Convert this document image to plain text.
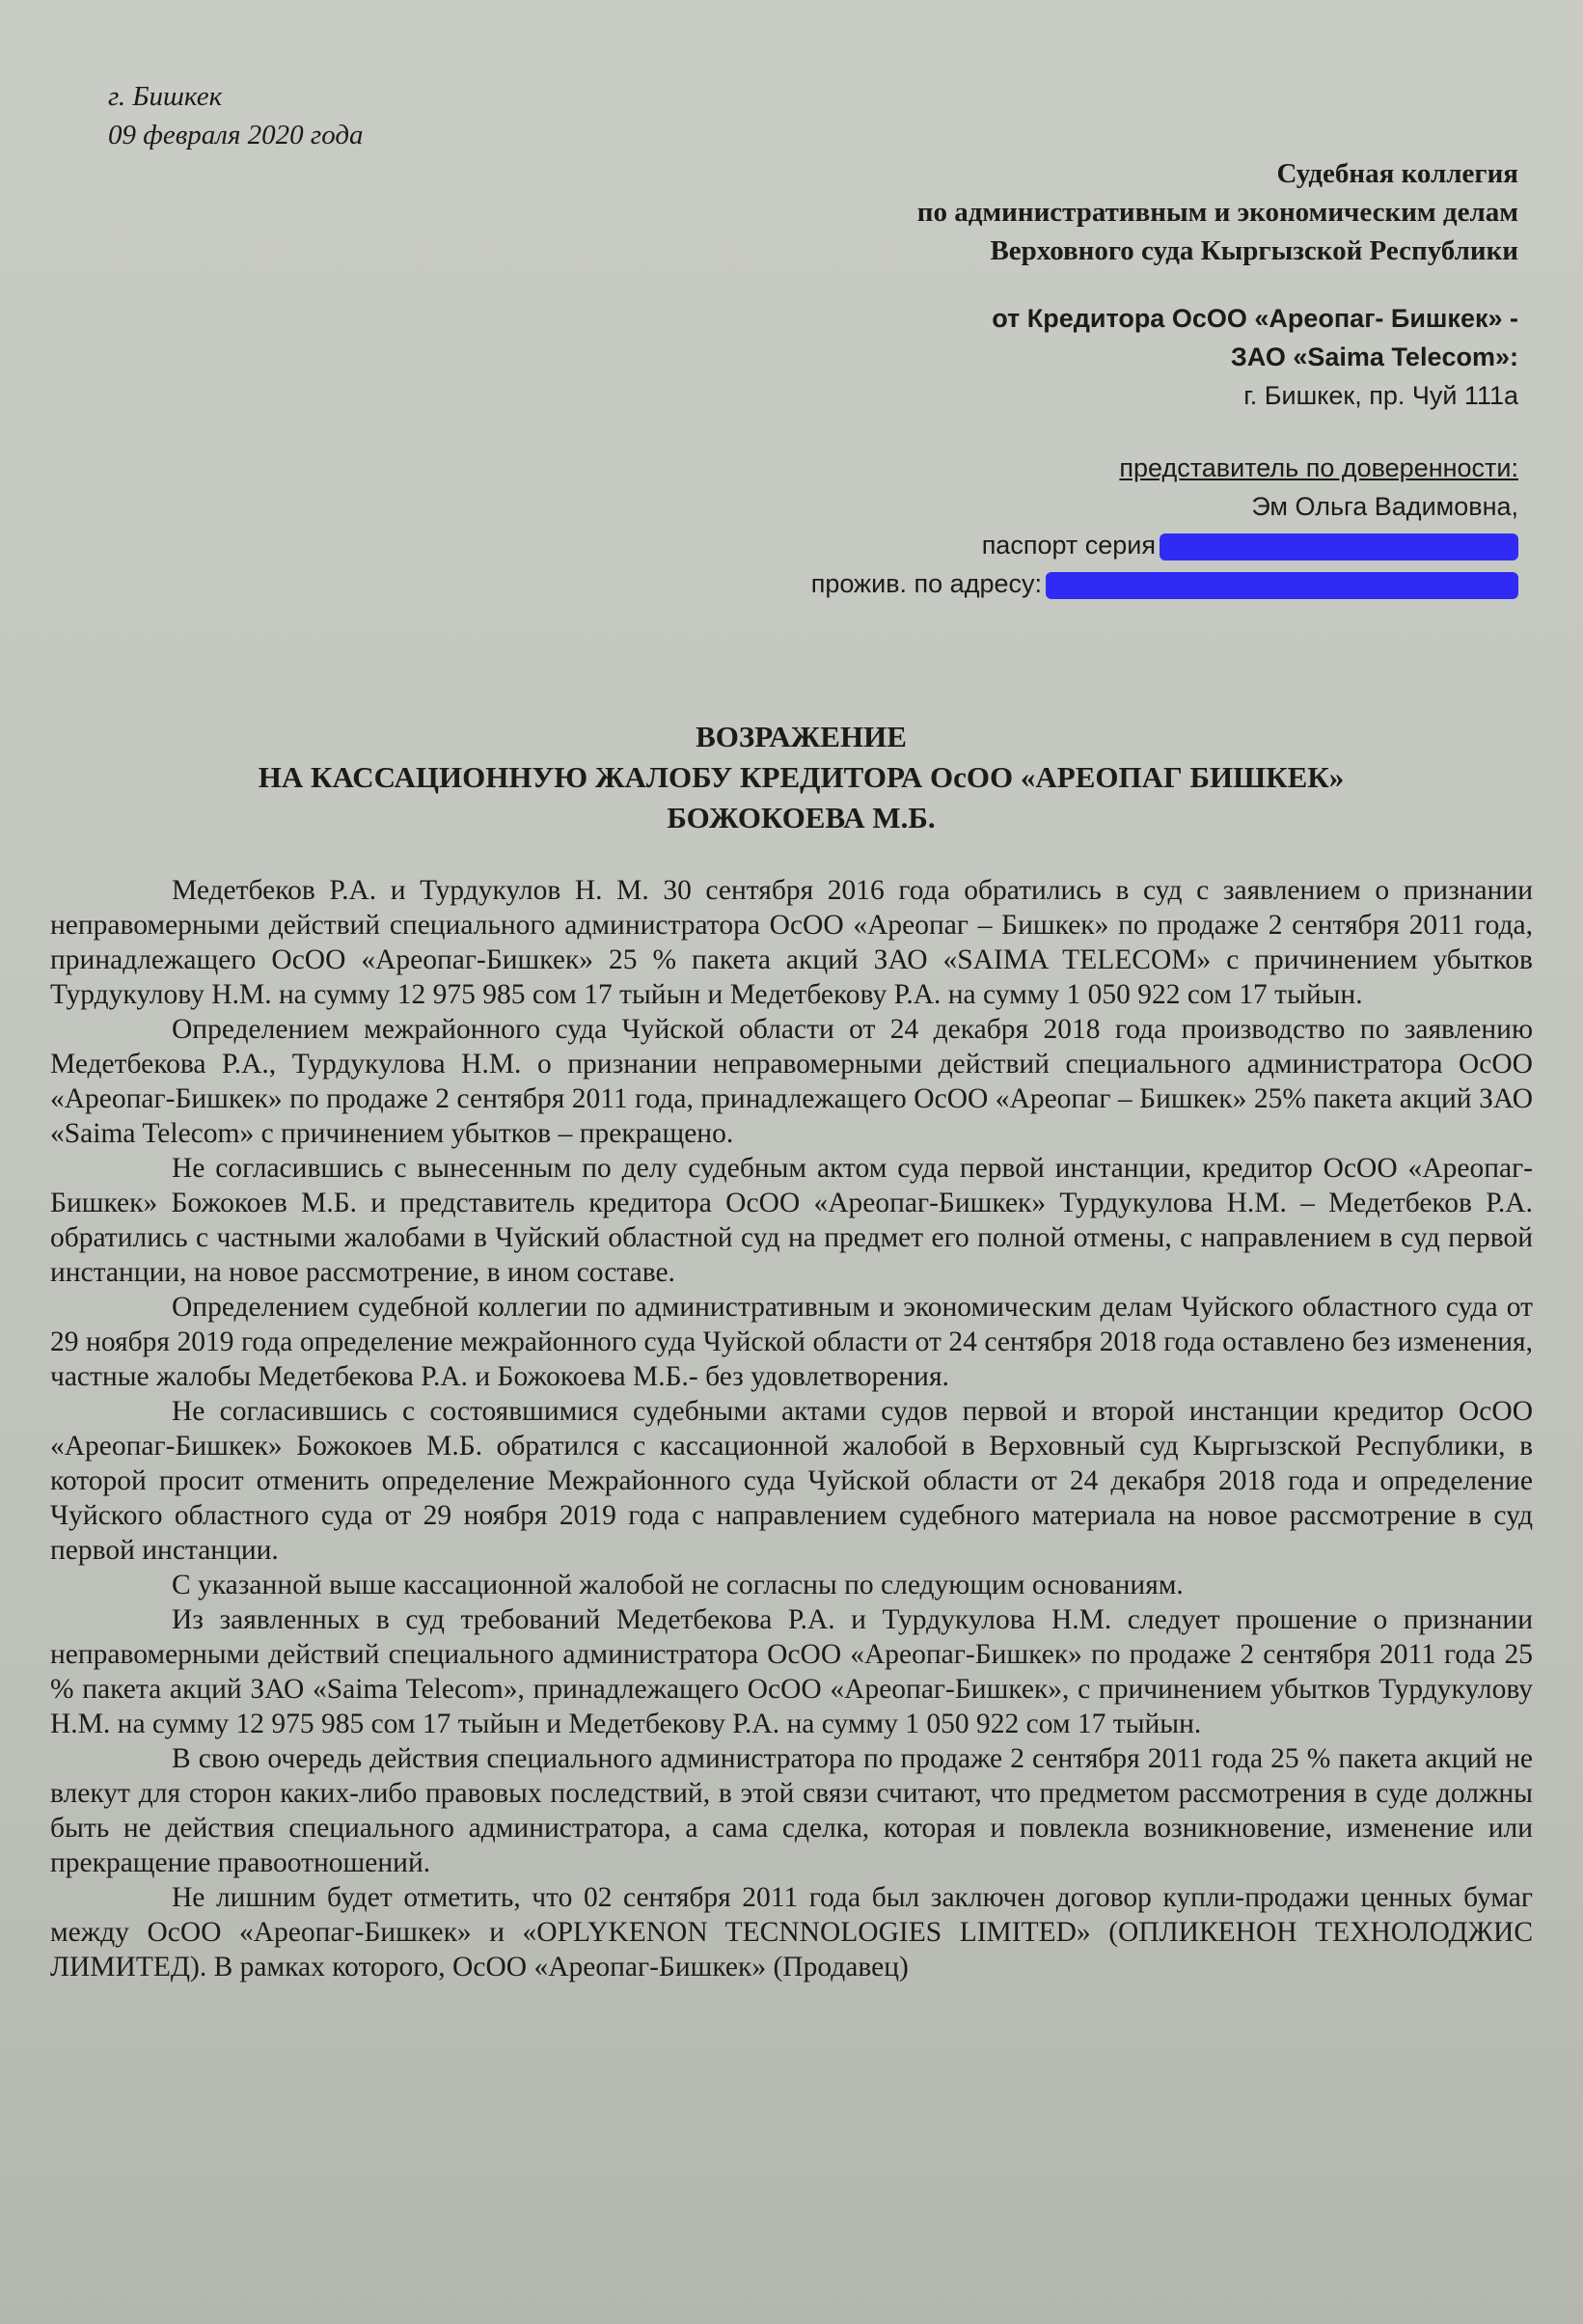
г. Бишкек
09 февраля 2020 года
Судебная коллегия
по административным и экономическим делам
Верховного суда Кыргызской Республики
от Кредитора ОсОО «Ареопаг- Бишкек» -
ЗАО «Saima Telecom»:
г. Бишкек, пр. Чуй 111а
представитель по доверенности:
Эм Ольга Вадимовна,
паспорт серия
прожив. по адресу:
ВОЗРАЖЕНИЕ
НА КАССАЦИОННУЮ ЖАЛОБУ КРЕДИТОРА ОсОО «АРЕОПАГ БИШКЕК»
БОЖОКОЕВА М.Б.

Медетбеков Р.А. и Турдукулов Н. М. 30 сентября 2016 года обратились в суд с заявлением о признании неправомерными действий специального администратора ОсОО «Ареопаг – Бишкек» по продаже 2 сентября 2011 года, принадлежащего ОсОО «Ареопаг-Бишкек» 25 % пакета акций ЗАО «SAIMA TELECOM» с причинением убытков Турдукулову Н.М. на сумму 12 975 985 сом 17 тыйын и Медетбекову Р.А. на сумму 1 050 922 сом 17 тыйын.

Определением межрайонного суда Чуйской области от 24 декабря 2018 года производство по заявлению Медетбекова Р.А., Турдукулова Н.М. о признании неправомерными действий специального администратора ОсОО «Ареопаг-Бишкек» по продаже 2 сентября 2011 года, принадлежащего ОсОО «Ареопаг – Бишкек» 25% пакета акций ЗАО «Saima Telecom» с причинением убытков – прекращено.

Не согласившись с вынесенным по делу судебным актом суда первой инстанции, кредитор ОсОО «Ареопаг-Бишкек» Божокоев М.Б. и представитель кредитора ОсОО «Ареопаг-Бишкек» Турдукулова Н.М. – Медетбеков Р.А. обратились с частными жалобами в Чуйский областной суд на предмет его полной отмены, с направлением в суд первой инстанции, на новое рассмотрение, в ином составе.

Определением судебной коллегии по административным и экономическим делам Чуйского областного суда от 29 ноября 2019 года определение межрайонного суда Чуйской области от 24 сентября 2018 года оставлено без изменения, частные жалобы Медетбекова Р.А. и Божокоева М.Б.- без удовлетворения.

Не согласившись с состоявшимися судебными актами судов первой и второй инстанции кредитор ОсОО «Ареопаг-Бишкек» Божокоев М.Б. обратился с кассационной жалобой в Верховный суд Кыргызской Республики, в которой просит отменить определение Межрайонного суда Чуйской области от 24 декабря 2018 года и определение Чуйского областного суда от 29 ноября 2019 года с направлением судебного материала на новое рассмотрение в суд первой инстанции.

С указанной выше кассационной жалобой не согласны по следующим основаниям.

Из заявленных в суд требований Медетбекова Р.А. и Турдукулова Н.М. следует прошение о признании неправомерными действий специального администратора ОсОО «Ареопаг-Бишкек» по продаже 2 сентября 2011 года 25 % пакета акций ЗАО «Saima Telecom», принадлежащего ОсОО «Ареопаг-Бишкек», с причинением убытков Турдукулову Н.М. на сумму 12 975 985 сом 17 тыйын и Медетбекову Р.А. на сумму 1 050 922 сом 17 тыйын.

В свою очередь действия специального администратора по продаже 2 сентября 2011 года 25 % пакета акций не влекут для сторон каких-либо правовых последствий, в этой связи считают, что предметом рассмотрения в суде должны быть не действия специального администратора, а сама сделка, которая и повлекла возникновение, изменение или прекращение правоотношений.

Не лишним будет отметить, что 02 сентября 2011 года был заключен договор купли-продажи ценных бумаг между ОсОО «Ареопаг-Бишкек» и «OPLYKENON TECNNOLOGIES LIMITED» (ОПЛИКЕНОН ТЕХНОЛОДЖИС ЛИМИТЕД). В рамках которого, ОсОО «Ареопаг-Бишкек» (Продавец)
